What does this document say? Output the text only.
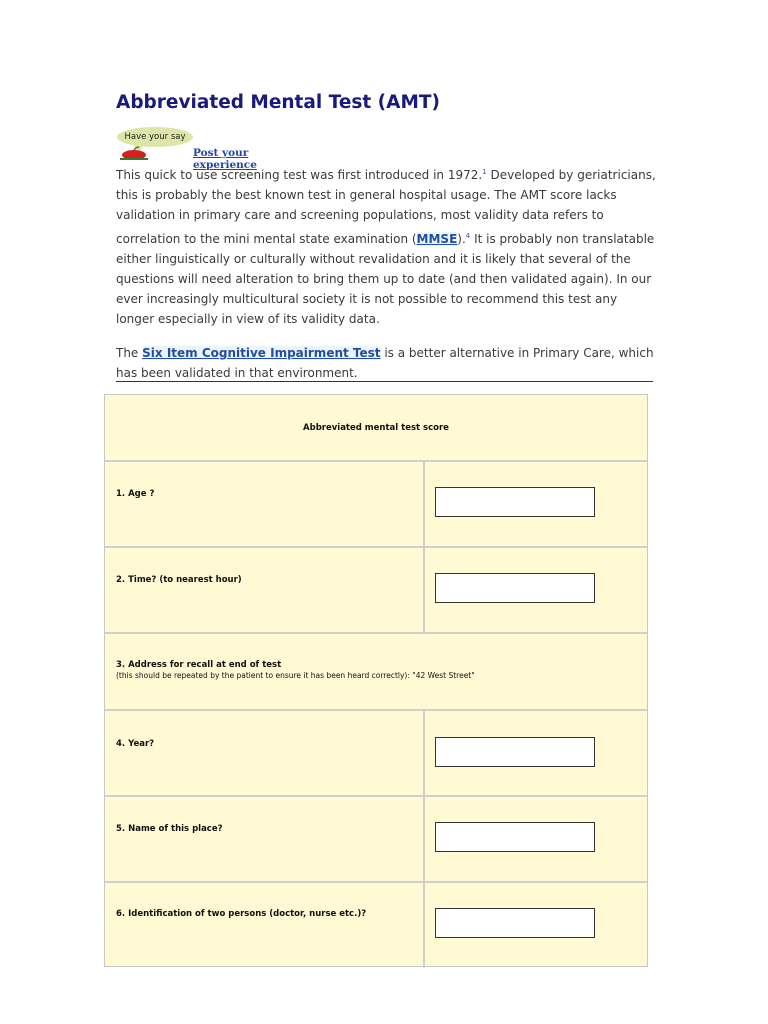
Abbreviated Mental Test (AMT)
Have your say
Post your experience

This quick to use screening test was first introduced in 1972.$^1$ Developed by geriatricians, this is probably the best known test in general hospital usage. The AMT score lacks validation in primary care and screening populations, most validity data refers to correlation to the mini mental state examination (MMSE).$^4$ It is probably non translatable either linguistically or culturally without revalidation and it is likely that several of the questions will need alteration to bring them up to date (and then validated again). In our ever increasingly multicultural society it is not possible to recommend this test any longer especially in view of its validity data.

The Six Item Cognitive Impairment Test is a better alternative in Primary Care, which has been validated in that environment.

Abbreviated mental test score
1. Age ?
2. Time? (to nearest hour)
3. Address for recall at end of test
(this should be repeated by the patient to ensure it has been heard correctly): "42 West Street"
4. Year?
5. Name of this place?
6. Identification of two persons (doctor, nurse etc.)?
